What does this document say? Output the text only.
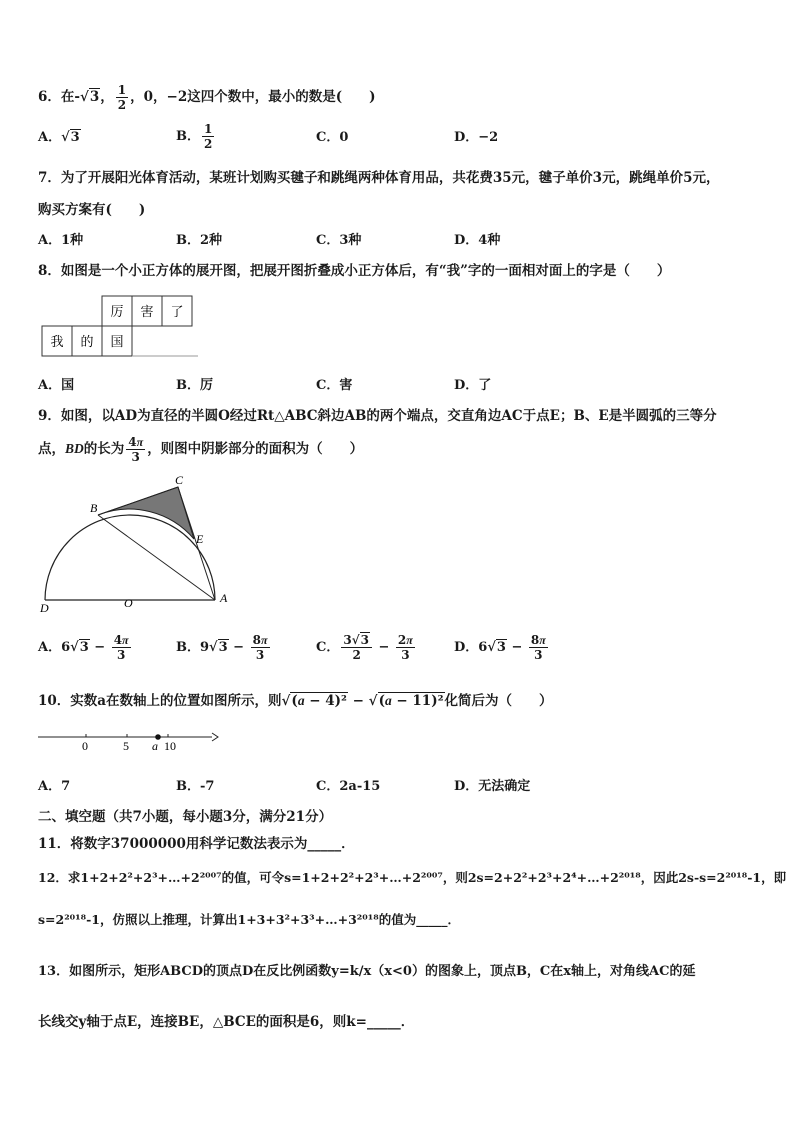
6．在-√3， $\frac{1}{2}$ ，0，−2这四个数中，最小的数是(　　)
A．√3	B． $\frac{1}{2}$	C．0	D．−2
7．为了开展阳光体育活动，某班计划购买毽子和跳绳两种体育用品，共花费35元，毽子单价3元，跳绳单价5元，
购买方案有(　　)
A．1种	B．2种	C．3种	D．4种
8．如图是一个小正方体的展开图，把展开图折叠成小正方体后，有“我”字的一面相对面上的字是（　　）
厉 害 了
我 的 国
A．国	B．厉	C．害	D．了
9．如图，以AD为直径的半圆O经过Rt△ABC斜边AB的两个端点，交直角边AC于点E；B、E是半圆弧的三等分
点，BD的长为 $\frac{4\pi}{3}$ ，则图中阴影部分的面积为（　　）
C
B
E
D	O	A
A．$6√3 - \frac{4\pi}{3}$	B．$9√3 - \frac{8\pi}{3}$	C． $\frac{3√3}{2} - \frac{2\pi}{3}$	D．$6√3 - \frac{8\pi}{3}$
10．实数a在数轴上的位置如图所示，则√(a − 4)² − √(a − 11)²化简后为（　　）
0	5 a 10
A．7	B．-7	C．2a-15	D．无法确定
二、填空题（共7小题，每小题3分，满分21分）
11．将数字37000000用科学记数法表示为_____．
12．求1+2+2²+2³+…+2²⁰⁰⁷的值，可令s=1+2+2²+2³+…+2²⁰⁰⁷，则2s=2+2²+2³+2⁴+…+2²⁰¹⁸，因此2s-s=2²⁰¹⁸-1，即
s=2²⁰¹⁸-1，仿照以上推理，计算出1+3+3²+3³+…+3²⁰¹⁸的值为_____．
13．如图所示，矩形ABCD的顶点D在反比例函数y=k/x（x<0）的图象上，顶点B，C在x轴上，对角线AC的延
长线交y轴于点E，连接BE，△BCE的面积是6，则k=_____．
